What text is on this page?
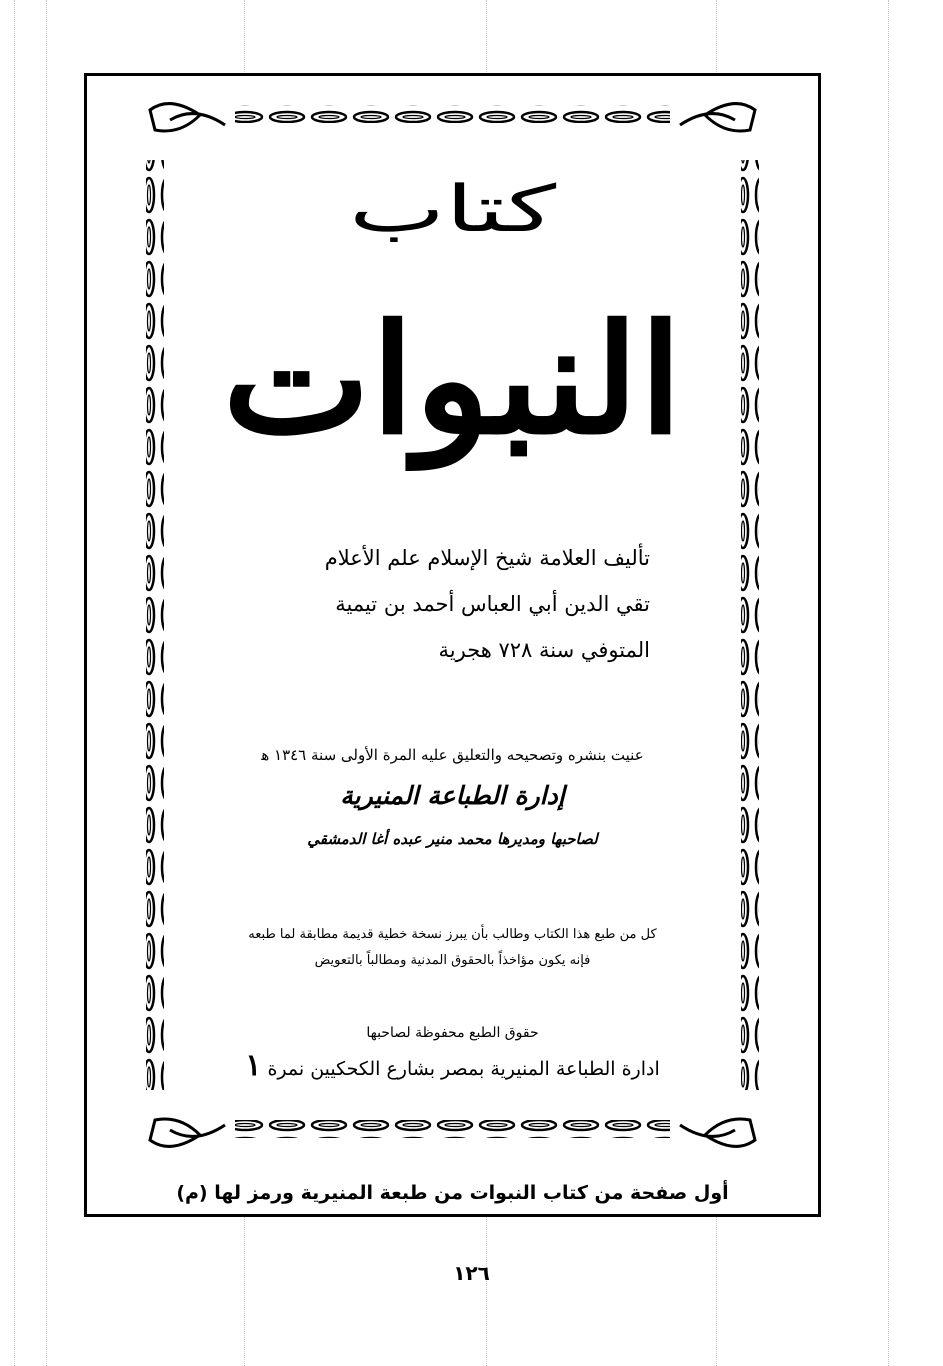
كتاب
النبوات
تأليف العلامة شيخ الإسلام علم الأعلام
تقي الدين أبي العباس أحمد بن تيمية
المتوفي سنة ٧٢٨ هجرية
عنيت بنشره وتصحيحه والتعليق عليه المرة الأولى سنة ١٣٤٦ ﻫ
إدارة الطباعة المنيرية
لصاحبها ومديرها محمد منير عبده أغا الدمشقي
كل من طبع هذا الكتاب وطالب بأن يبرز نسخة خطية قديمة مطابقة لما طبعه
فإنه يكون مؤاخذاً بالحقوق المدنية ومطالباً بالتعويض
حقوق الطبع محفوظة لصاحبها
ادارة الطباعة المنيرية بمصر بشارع الكحكيين نمرة ١
أول صفحة من كتاب النبوات من طبعة المنيرية ورمز لها (م)
١٢٦
